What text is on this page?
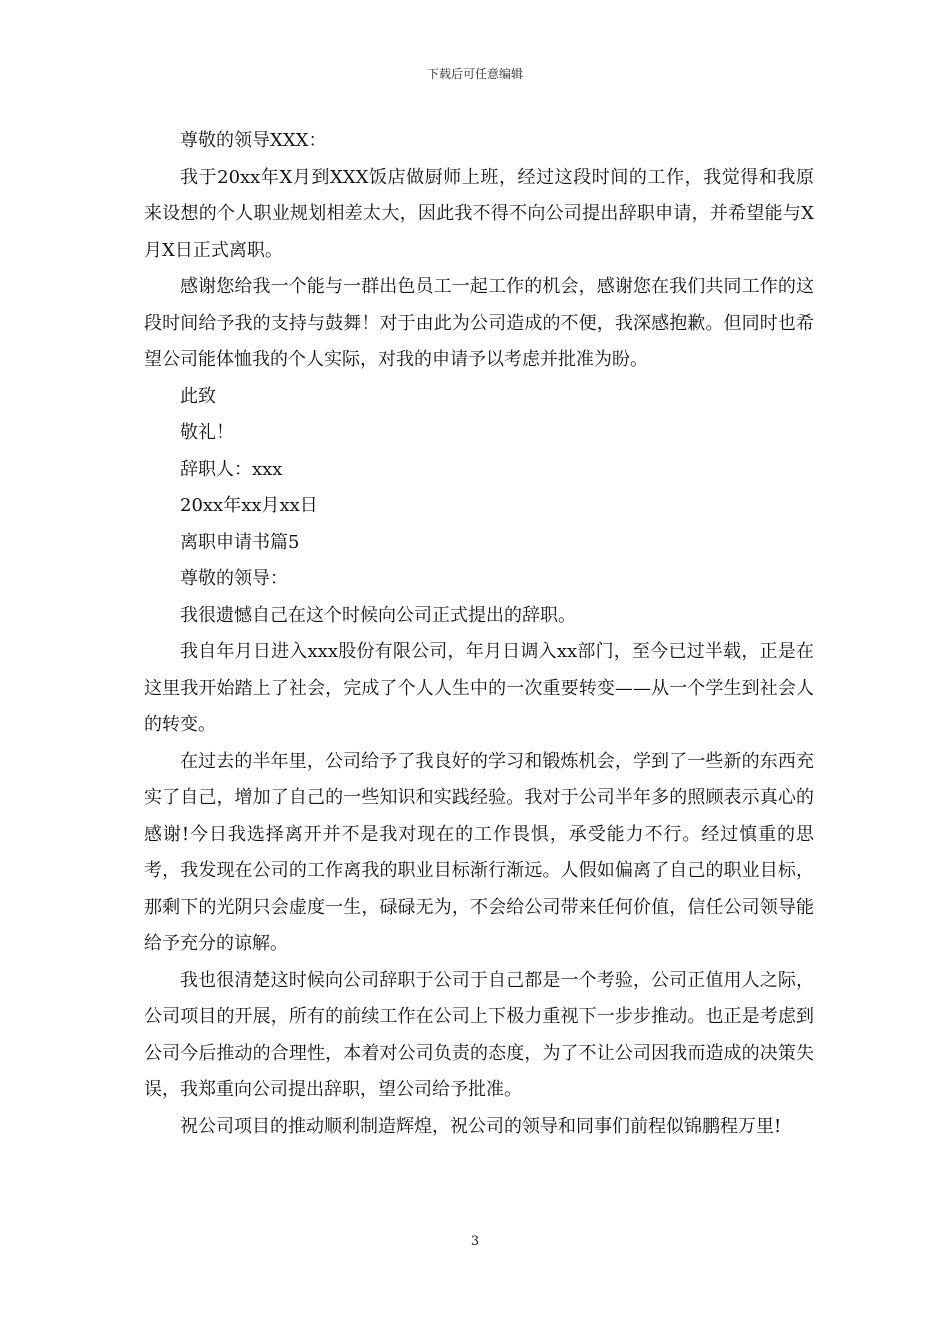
下载后可任意编辑

尊敬的领导XXX：

我于20xx年X月到XXX饭店做厨师上班，经过这段时间的工作，我觉得和我原来设想的个人职业规划相差太大，因此我不得不向公司提出辞职申请，并希望能与X月X日正式离职。

感谢您给我一个能与一群出色员工一起工作的机会，感谢您在我们共同工作的这段时间给予我的支持与鼓舞！对于由此为公司造成的不便，我深感抱歉。但同时也希望公司能体恤我的个人实际，对我的申请予以考虑并批准为盼。

此致

敬礼！

辞职人：xxx

20xx年xx月xx日

离职申请书篇5

尊敬的领导：

我很遗憾自己在这个时候向公司正式提出的辞职。

我自年月日进入xxx股份有限公司，年月日调入xx部门，至今已过半载，正是在这里我开始踏上了社会，完成了个人人生中的一次重要转变——从一个学生到社会人的转变。

在过去的半年里，公司给予了我良好的学习和锻炼机会，学到了一些新的东西充实了自己，增加了自己的一些知识和实践经验。我对于公司半年多的照顾表示真心的感谢!今日我选择离开并不是我对现在的工作畏惧，承受能力不行。经过慎重的思考，我发现在公司的工作离我的职业目标渐行渐远。人假如偏离了自己的职业目标，那剩下的光阴只会虚度一生，碌碌无为，不会给公司带来任何价值，信任公司领导能给予充分的谅解。

我也很清楚这时候向公司辞职于公司于自己都是一个考验，公司正值用人之际，公司项目的开展，所有的前续工作在公司上下极力重视下一步步推动。也正是考虑到公司今后推动的合理性，本着对公司负责的态度，为了不让公司因我而造成的决策失误，我郑重向公司提出辞职，望公司给予批准。

祝公司项目的推动顺利制造辉煌，祝公司的领导和同事们前程似锦鹏程万里!

3
